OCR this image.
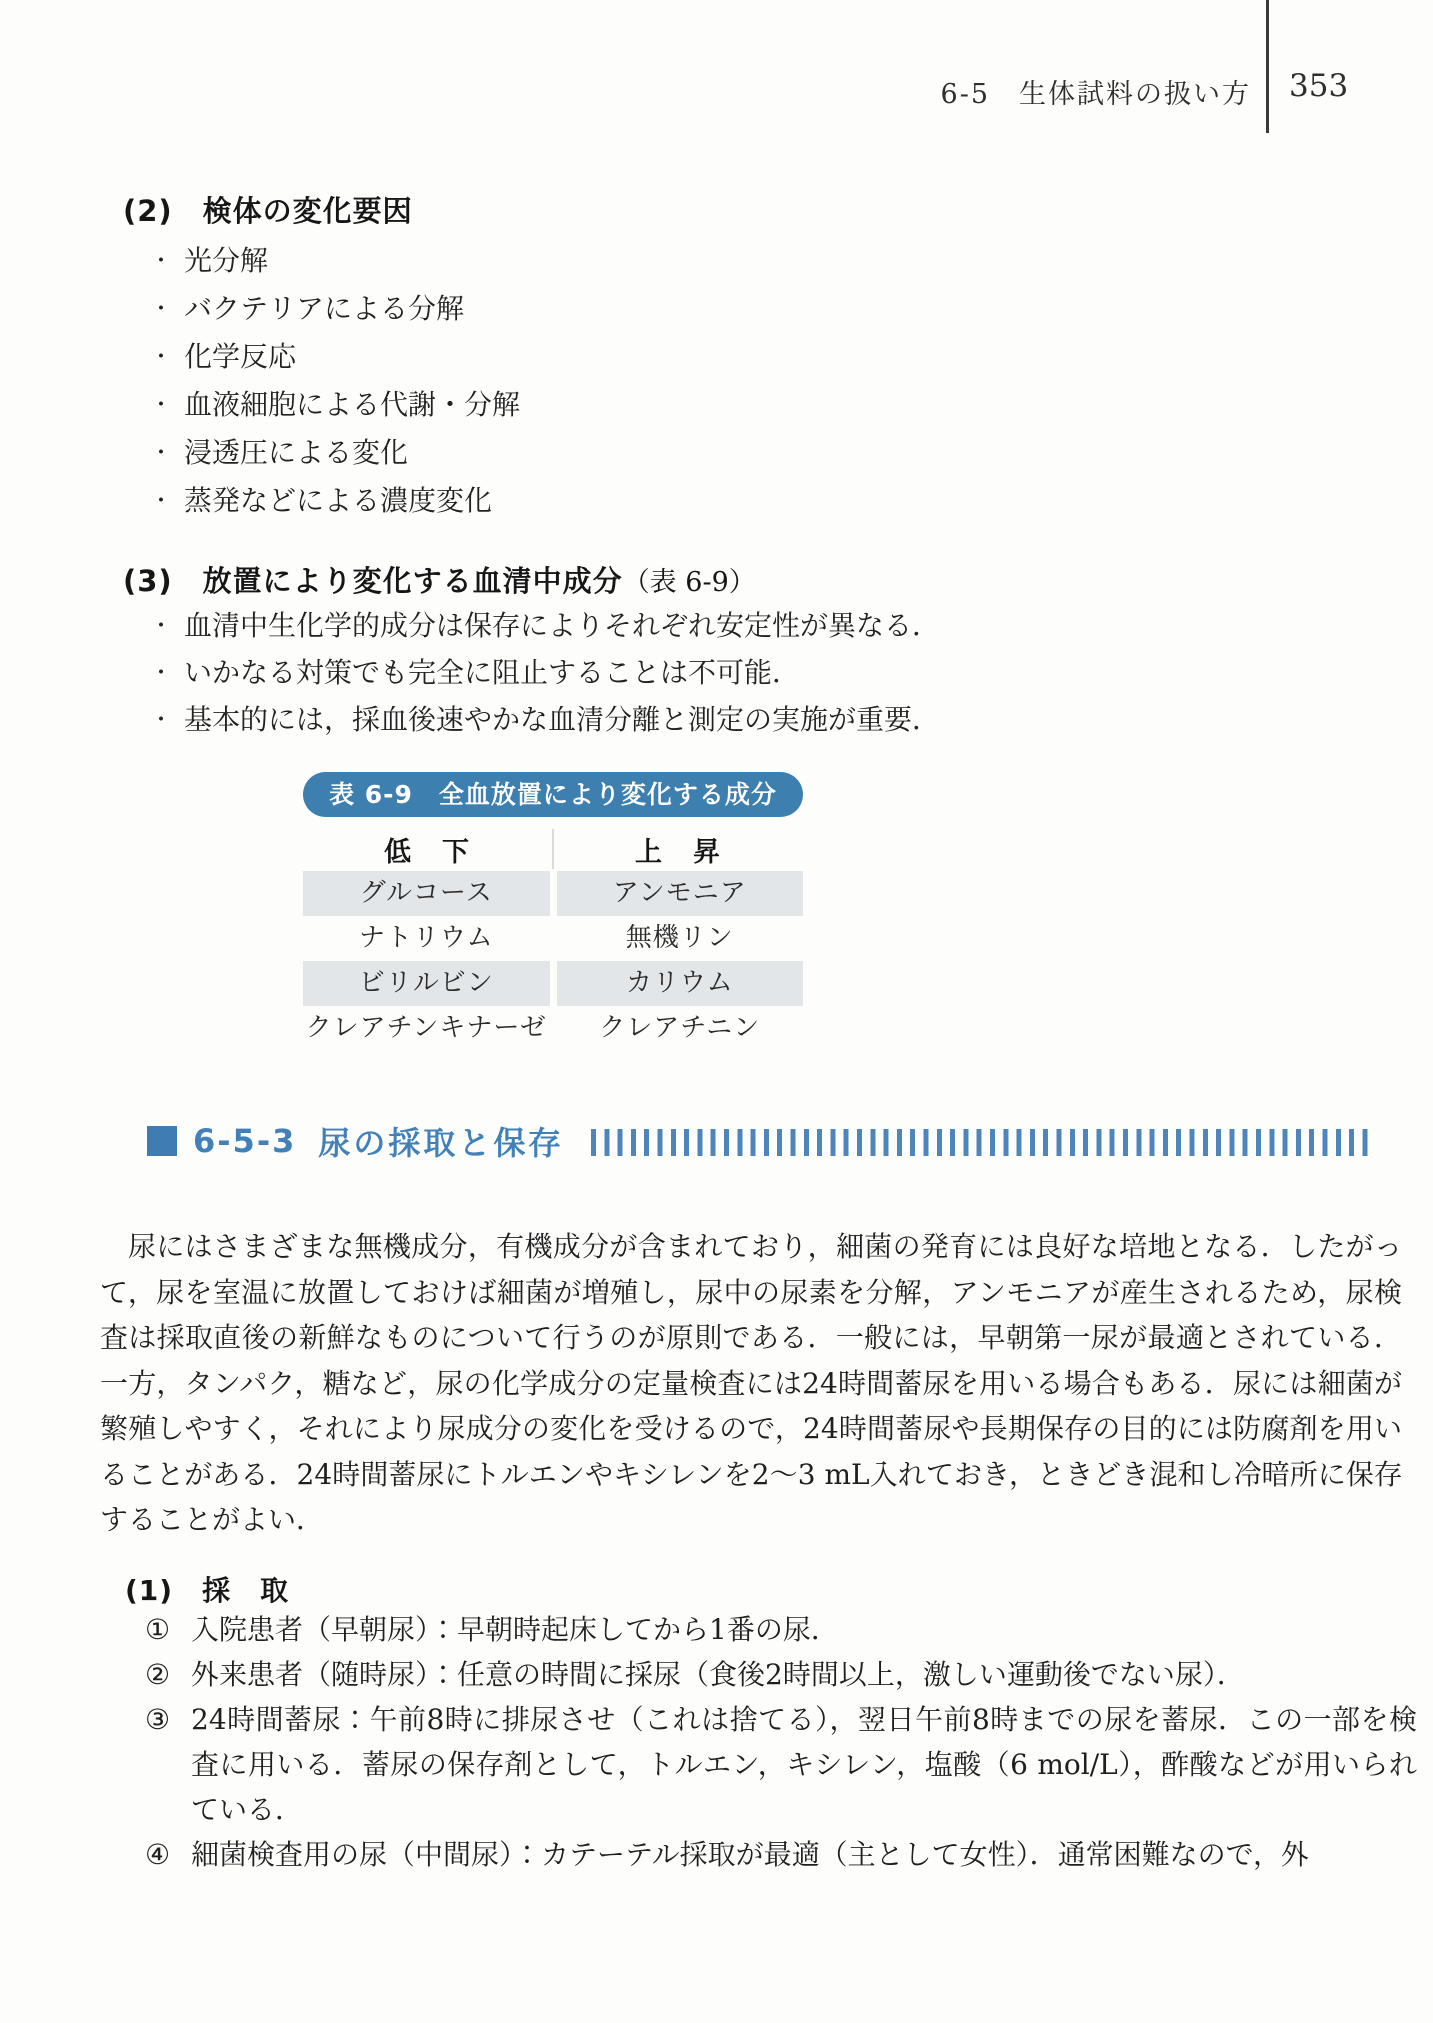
6-5　生体試料の扱い方 353
(2)　検体の変化要因
・ 光分解
・ バクテリアによる分解
・ 化学反応
・ 血液細胞による代謝・分解
・ 浸透圧による変化
・ 蒸発などによる濃度変化
(3)　放置により変化する血清中成分（表 6-9）
・ 血清中生化学的成分は保存によりそれぞれ安定性が異なる．
・ いかなる対策でも完全に阻止することは不可能．
・ 基本的には，採血後速やかな血清分離と測定の実施が重要．
表 6-9　全血放置により変化する成分
低　下	上　昇
グルコース	アンモニア
ナトリウム	無機リン
ビリルビン	カリウム
クレアチンキナーゼ	クレアチニン
6-5-3 尿の採取と保存

尿にはさまざまな無機成分，有機成分が含まれており，細菌の発育には良好な培地となる．したがって，尿を室温に放置しておけば細菌が増殖し，尿中の尿素を分解，アンモニアが産生されるため，尿検査は採取直後の新鮮なものについて行うのが原則である．一般には，早朝第一尿が最適とされている．一方，タンパク，糖など，尿の化学成分の定量検査には24時間蓄尿を用いる場合もある．尿には細菌が繁殖しやすく，それにより尿成分の変化を受けるので，24時間蓄尿や長期保存の目的には防腐剤を用いることがある．24時間蓄尿にトルエンやキシレンを2～3 mL入れておき，ときどき混和し冷暗所に保存することがよい．

(1)　採　取
① 入院患者（早朝尿）：早朝時起床してから1番の尿．
② 外来患者（随時尿）：任意の時間に採尿（食後2時間以上，激しい運動後でない尿）．
③ 24時間蓄尿：午前8時に排尿させ（これは捨てる），翌日午前8時までの尿を蓄尿．この一部を検査に用いる．蓄尿の保存剤として，トルエン，キシレン，塩酸（6 mol/L），酢酸などが用いられている．
④ 細菌検査用の尿（中間尿）：カテーテル採取が最適（主として女性）．通常困難なので，外
